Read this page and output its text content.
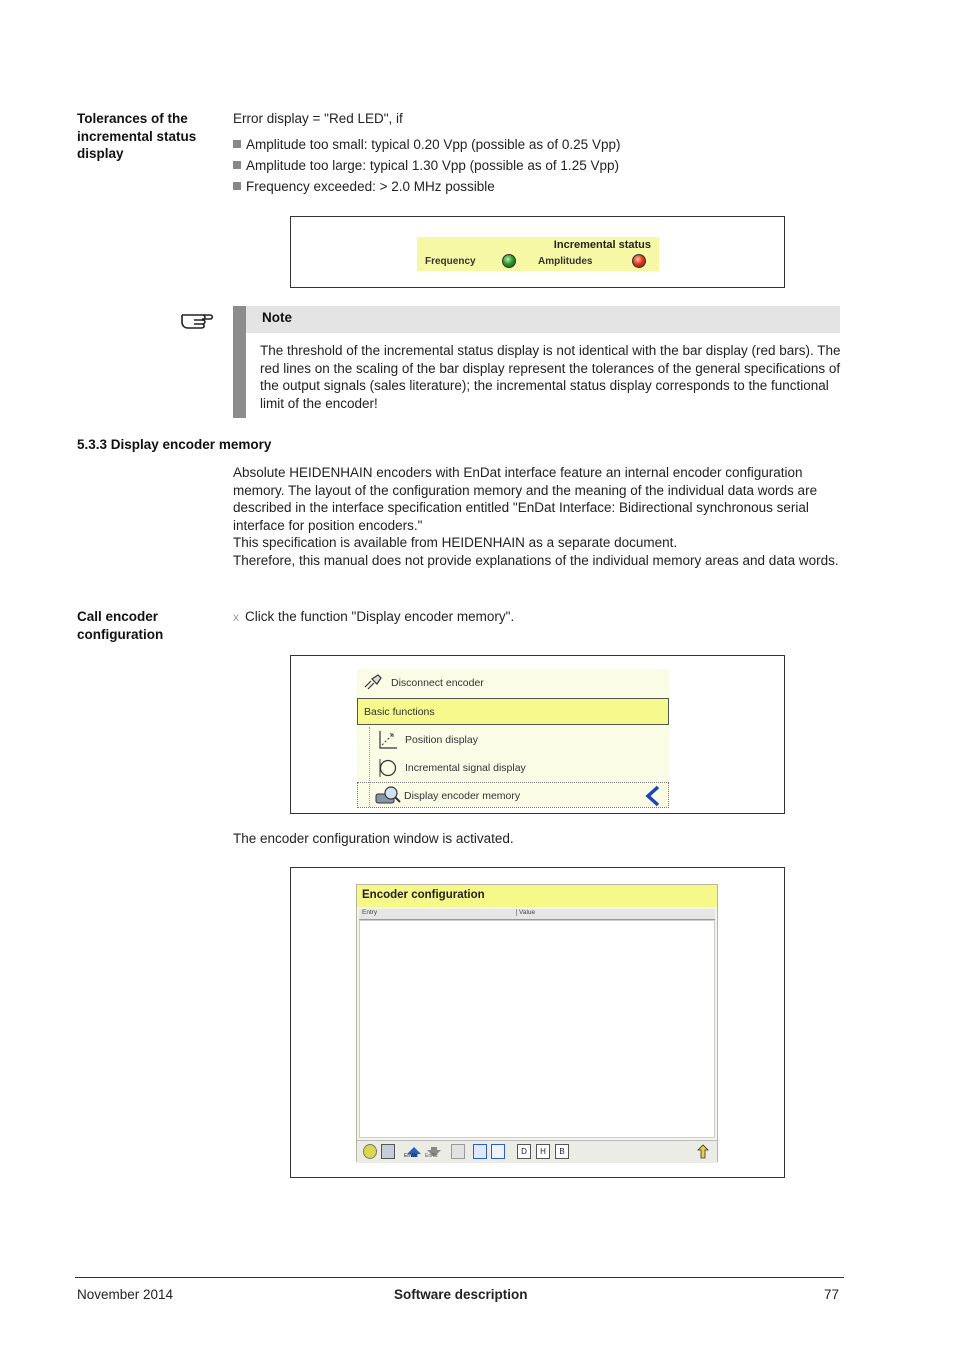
Tolerances of the incremental status display
Error display = "Red LED", if
Amplitude too small: typical 0.20 Vpp (possible as of 0.25 Vpp)
Amplitude too large: typical 1.30 Vpp (possible as of 1.25 Vpp)
Frequency exceeded: > 2.0 MHz possible
Incremental status
Frequency	Amplitudes
Note
The threshold of the incremental status display is not identical with the bar display (red bars). The red lines on the scaling of the bar display represent the tolerances of the general specifications of the output signals (sales literature); the incremental status display corresponds to the functional limit of the encoder!
5.3.3 Display encoder memory
Absolute HEIDENHAIN encoders with EnDat interface feature an internal encoder configuration memory. The layout of the configuration memory and the meaning of the individual data words are described in the interface specification entitled "EnDat Interface: Bidirectional synchronous serial interface for position encoders."
This specification is available from HEIDENHAIN as a separate document.
Therefore, this manual does not provide explanations of the individual memory areas and data words.
Call encoder configuration
x Click the function "Display encoder memory".
Disconnect encoder
Basic functions
Position display
Incremental signal display
Display encoder memory
The encoder configuration window is activated.
Encoder configuration
Entry	Value
EnWrt EnRd	D	H	B
November 2014	Software description	77
